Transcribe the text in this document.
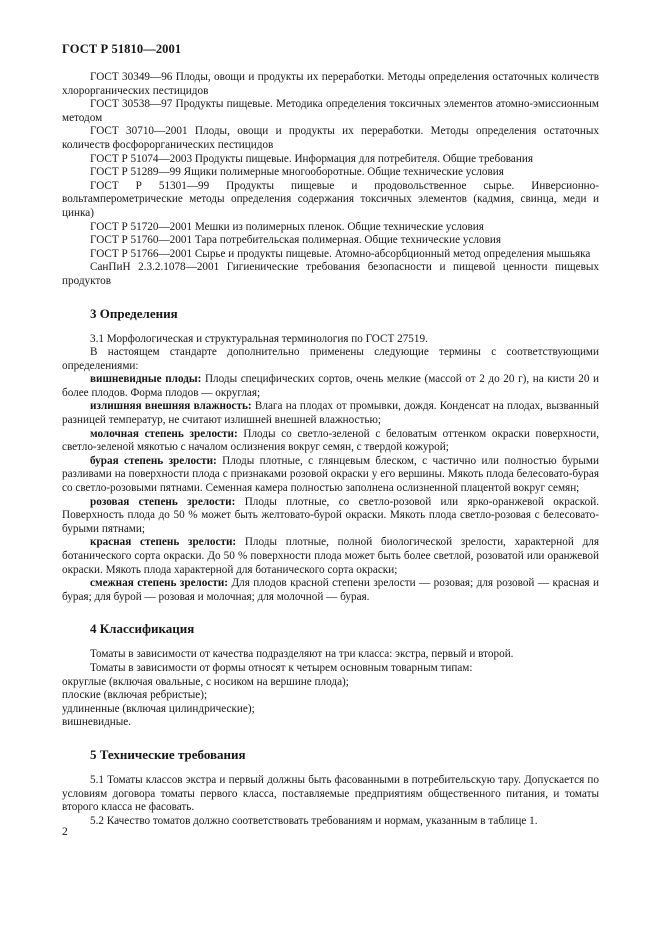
ГОСТ Р 51810—2001

ГОСТ 30349—96 Плоды, овощи и продукты их переработки. Методы определения остаточных количеств хлорорганических пестицидов

ГОСТ 30538—97 Продукты пищевые. Методика определения токсичных элементов атомно-эмиссионным методом

ГОСТ 30710—2001 Плоды, овощи и продукты их переработки. Методы определения остаточных количеств фосфорорганических пестицидов

ГОСТ Р 51074—2003 Продукты пищевые. Информация для потребителя. Общие требования

ГОСТ Р 51289—99 Ящики полимерные многооборотные. Общие технические условия

ГОСТ Р 51301—99 Продукты пищевые и продовольственное сырье. Инверсионно-вольтамперометрические методы определения содержания токсичных элементов (кадмия, свинца, меди и цинка)

ГОСТ Р 51720—2001 Мешки из полимерных пленок. Общие технические условия

ГОСТ Р 51760—2001 Тара потребительская полимерная. Общие технические условия

ГОСТ Р 51766—2001 Сырье и продукты пищевые. Атомно-абсорбционный метод определения мышьяка

СанПиН 2.3.2.1078—2001 Гигиенические требования безопасности и пищевой ценности пищевых продуктов

3 Определения

3.1 Морфологическая и структуральная терминология по ГОСТ 27519.

В настоящем стандарте дополнительно применены следующие термины с соответствующими определениями:

вишневидные плоды: Плоды специфических сортов, очень мелкие (массой от 2 до 20 г), на кисти 20 и более плодов. Форма плодов — округлая;

излишняя внешняя влажность: Влага на плодах от промывки, дождя. Конденсат на плодах, вызванный разницей температур, не считают излишней внешней влажностью;

молочная степень зрелости: Плоды со светло-зеленой с беловатым оттенком окраски поверхности, светло-зеленой мякотью с началом ослизнения вокруг семян, с твердой кожурой;

бурая степень зрелости: Плоды плотные, с глянцевым блеском, с частично или полностью бурыми разливами на поверхности плода с признаками розовой окраски у его вершины. Мякоть плода белесовато-бурая со светло-розовыми пятнами. Семенная камера полностью заполнена ослизненной плацентой вокруг семян;

розовая степень зрелости: Плоды плотные, со светло-розовой или ярко-оранжевой окраской. Поверхность плода до 50 % может быть желтовато-бурой окраски. Мякоть плода светло-розовая с белесовато-бурыми пятнами;

красная степень зрелости: Плоды плотные, полной биологической зрелости, характерной для ботанического сорта окраски. До 50 % поверхности плода может быть более светлой, розоватой или оранжевой окраски. Мякоть плода характерной для ботанического сорта окраски;

смежная степень зрелости: Для плодов красной степени зрелости — розовая; для розовой — красная и бурая; для бурой — розовая и молочная; для молочной — бурая.

4 Классификация

Томаты в зависимости от качества подразделяют на три класса: экстра, первый и второй.

Томаты в зависимости от формы относят к четырем основным товарным типам:

округлые (включая овальные, с носиком на вершине плода);

плоские (включая ребристые);

удлиненные (включая цилиндрические);

вишневидные.

5 Технические требования

5.1 Томаты классов экстра и первый должны быть фасованными в потребительскую тару. Допускается по условиям договора томаты первого класса, поставляемые предприятиям общественного питания, и томаты второго класса не фасовать.

5.2 Качество томатов должно соответствовать требованиям и нормам, указанным в таблице 1.

2
